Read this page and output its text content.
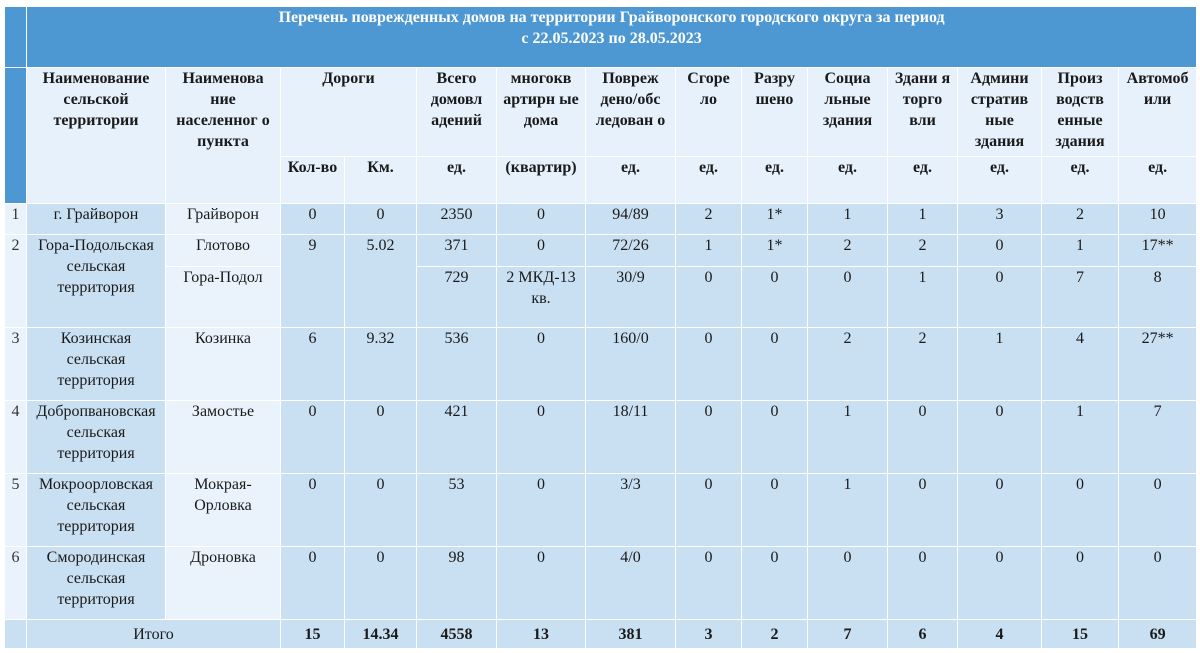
	Перечень поврежденных домов на территории Грайворонского городского округа за период
с 22.05.2023 по 28.05.2023													

	Наименование сельской территории	Наименова ние населенног о пункта	Дороги		Всего домовл адений	многокв артирн ые дома	Повреж дено/обс ледован о	Сгоре ло	Разру шено	Социа льные здания	Здани я торго вли	Админи стратив ные здания	Произ водств енные здания	Автомоб или
			Кол-во	Км.	ед.	(квартир)	ед.	ед.	ед.	ед.	ед.	ед.	ед.	ед.
1	г. Грайворон	Грайворон	0	0	2350	0	94/89	2	1*	1	1	3	2	10
2	Гора-Подольская сельская территория	Глотово	9	5.02	371	0	72/26	1	1*	2	2	0	1	17**
		Гора-Подол			729	2 МКД-13 кв.	30/9	0	0	0	1	0	7	8
3	Козинская сельская территория	Козинка	6	9.32	536	0	160/0	0	0	2	2	1	4	27**
4	Добропвановская сельская территория	Замостье	0	0	421	0	18/11	0	0	1	0	0	1	7
5	Мокроорловская сельская территория	Мокрая-Орловка	0	0	53	0	3/3	0	0	1	0	0	0	0
6	Смородинская сельская территория	Дроновка	0	0	98	0	4/0	0	0	0	0	0	0	0
	Итого		15	14.34	4558	13	381	3	2	7	6	4	15	69
